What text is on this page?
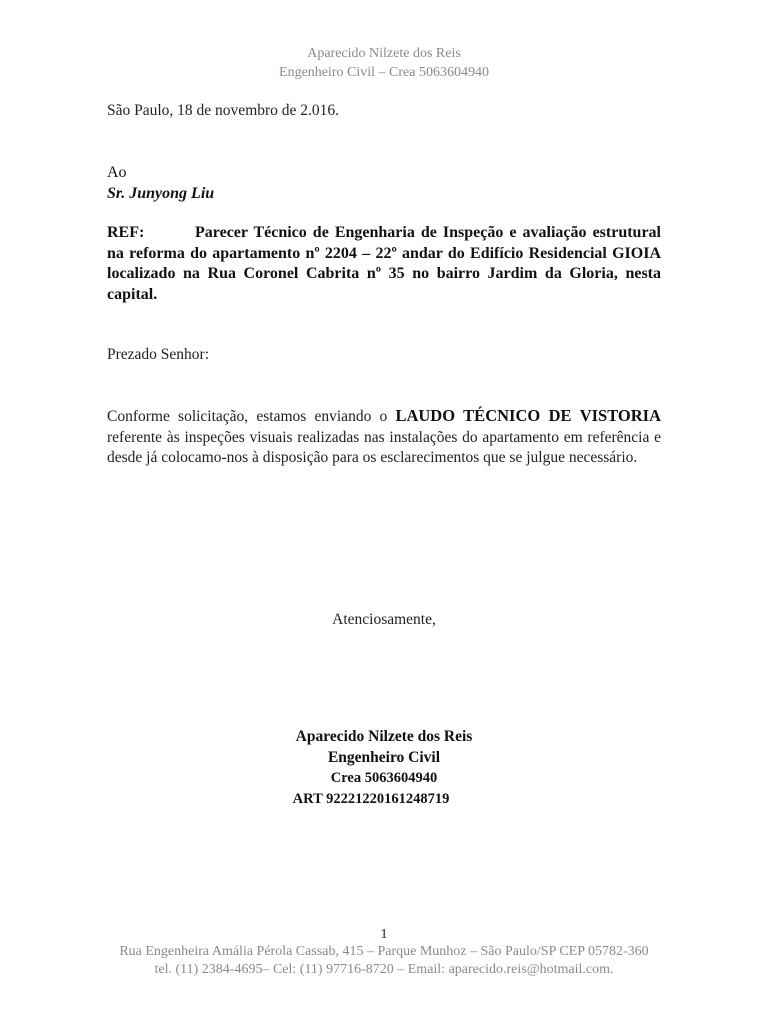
Aparecido Nilzete dos Reis
Engenheiro Civil – Crea 5063604940
São Paulo, 18 de novembro de 2.016.
Ao
Sr. Junyong Liu
REF:	Parecer Técnico de Engenharia de Inspeção e avaliação estrutural na reforma do apartamento nº 2204 – 22º andar do Edifício Residencial GIOIA localizado na Rua Coronel Cabrita nº 35 no bairro Jardim da Gloria, nesta capital.
Prezado Senhor:
Conforme solicitação, estamos enviando o LAUDO TÉCNICO DE VISTORIA referente às inspeções visuais realizadas nas instalações do apartamento em referência e desde já colocamo-nos à disposição para os esclarecimentos que se julgue necessário.
Atenciosamente,
Aparecido Nilzete dos Reis
Engenheiro Civil
Crea 5063604940
ART 92221220161248719
1
Rua Engenheira Amália Pérola Cassab, 415 – Parque Munhoz – São Paulo/SP CEP 05782-360
tel. (11) 2384-4695– Cel: (11) 97716-8720 – Email: aparecido.reis@hotmail.com.
